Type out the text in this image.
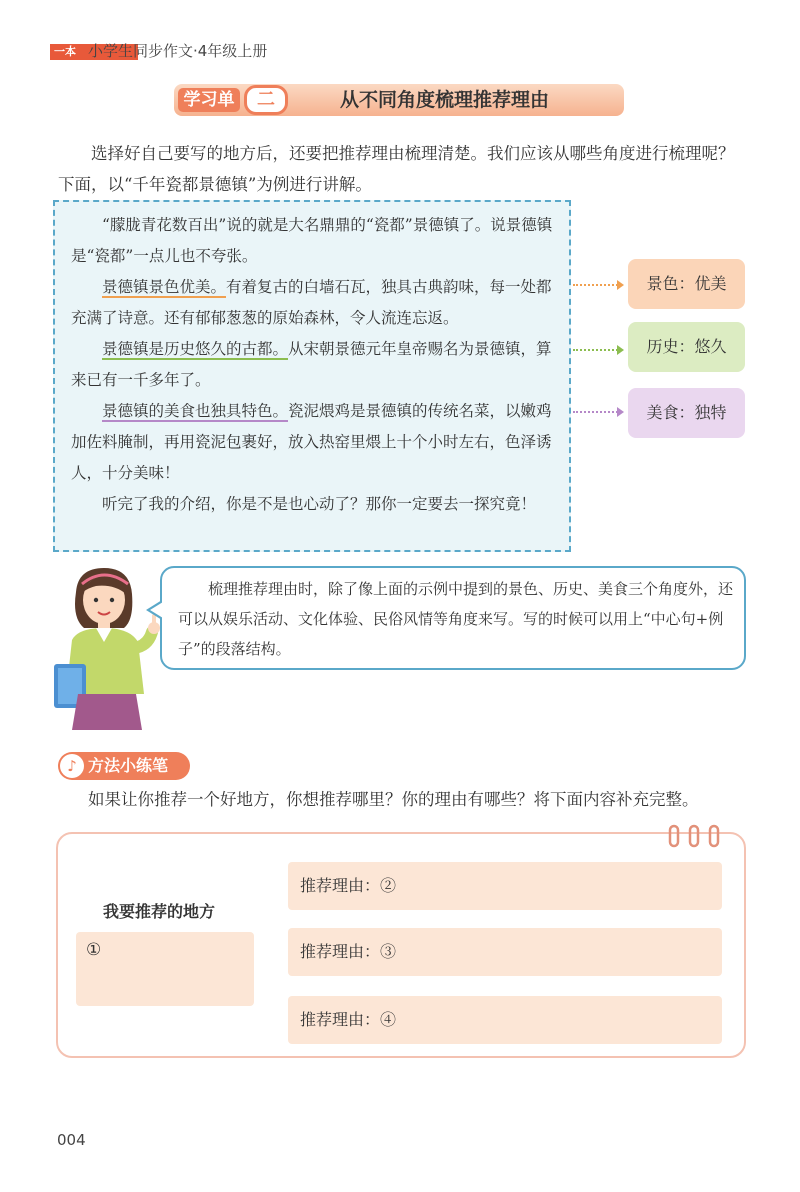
一本 小学生同步作文·4年级上册
学习单	二	从不同角度梳理推荐理由

选择好自己要写的地方后，还要把推荐理由梳理清楚。我们应该从哪些角度进行梳理呢？下面，以“千年瓷都景德镇”为例进行讲解。

“朦胧青花数百出”说的就是大名鼎鼎的“瓷都”景德镇了。说景德镇是“瓷都”一点儿也不夸张。

景德镇景色优美。有着复古的白墙石瓦，独具古典韵味，每一处都充满了诗意。还有郁郁葱葱的原始森林，令人流连忘返。

景德镇是历史悠久的古都。从宋朝景德元年皇帝赐名为景德镇，算来已有一千多年了。

景德镇的美食也独具特色。瓷泥煨鸡是景德镇的传统名菜，以嫩鸡加佐料腌制，再用瓷泥包裹好，放入热窑里煨上十个小时左右，色泽诱人，十分美味！

听完了我的介绍，你是不是也心动了？那你一定要去一探究竟！

景色：优美
历史：悠久
美食：独特

梳理推荐理由时，除了像上面的示例中提到的景色、历史、美食三个角度外，还可以从娱乐活动、文化体验、民俗风情等角度来写。写的时候可以用上“中心句+例子”的段落结构。

♪ 方法小练笔

如果让你推荐一个好地方，你想推荐哪里？你的理由有哪些？将下面内容补充完整。

我要推荐的地方
①
推荐理由：②
推荐理由：③
推荐理由：④
004
